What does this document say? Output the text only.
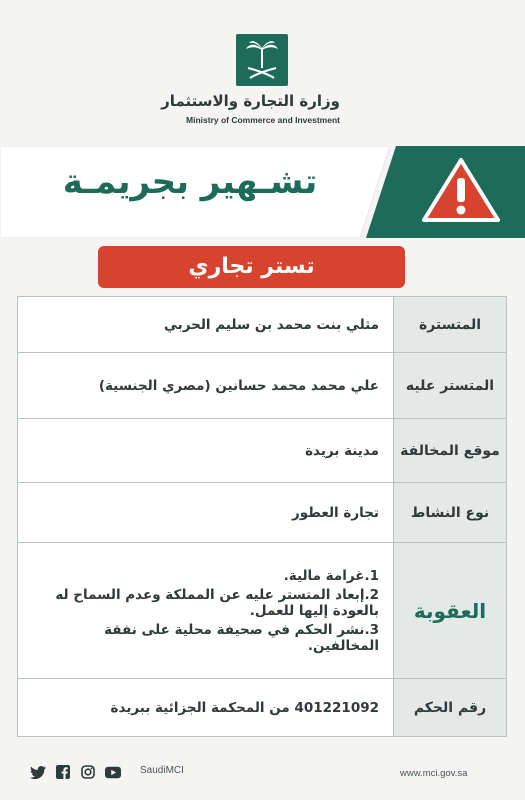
وزارة التجارة والاستثمار
Ministry of Commerce and Investment
تشـهير بجريمـة
تستر تجاري
مثلي بنت محمد بن سليم الحربي	المتسترة
علي محمد محمد حسانين (مصري الجنسية)	المتستر عليه
مدينة بريدة	موقع المخالفة
تجارة العطور	نوع النشاط

1.غرامة مالية.
2.إبعاد المتستر عليه عن المملكة وعدم السماح له بالعودة إليها للعمل.
3.نشر الحكم في صحيفة محلية على نفقة المخالفين.	العقوبة
401221092 من المحكمة الجزائية ببريدة	رقم الحكم
SaudiMCI	www.mci.gov.sa
